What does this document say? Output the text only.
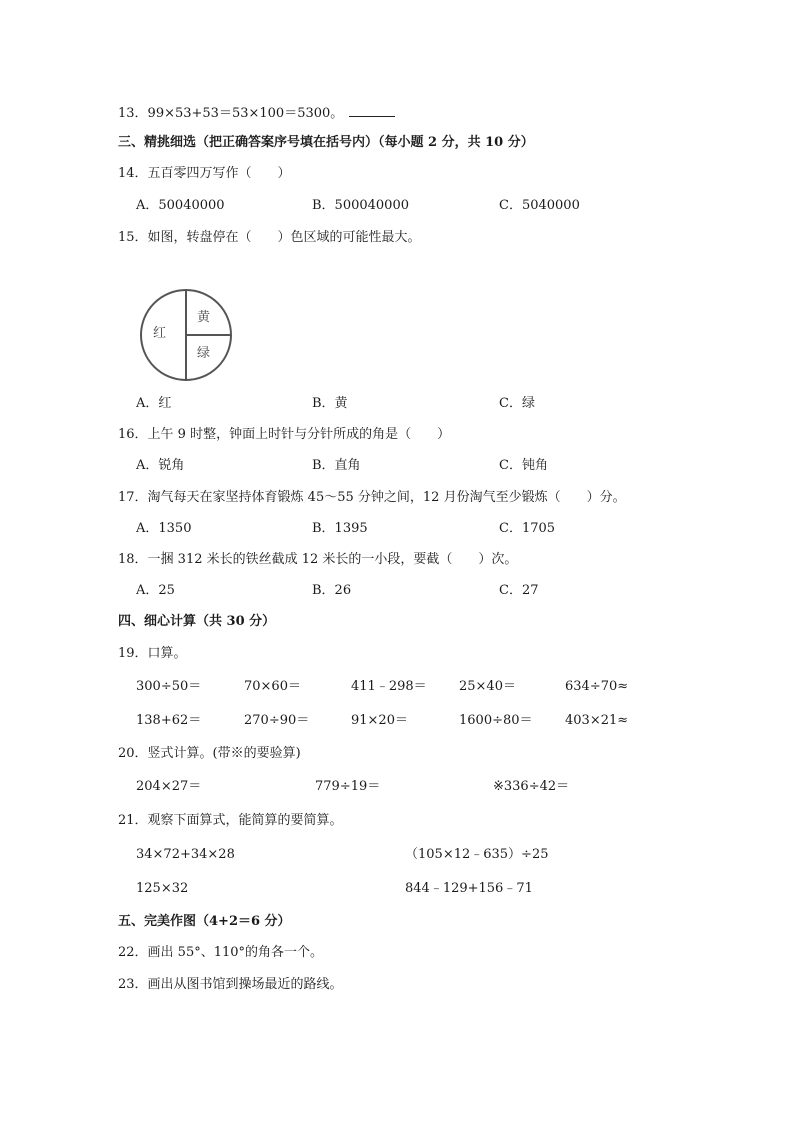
13．99×53+53＝53×100＝5300。
三、精挑细选（把正确答案序号填在括号内）（每小题 2 分，共 10 分）
14．五百零四万写作（　　）
A．50040000	B．500040000	C．5040000
15．如图，转盘停在（　　）色区域的可能性最大。
红
黄
绿
A．红	B．黄	C．绿
16．上午 9 时整，钟面上时针与分针所成的角是（　　）
A．锐角	B．直角	C．钝角
17．淘气每天在家坚持体育锻炼 45～55 分钟之间，12 月份淘气至少锻炼（　　）分。
A．1350	B．1395	C．1705
18．一捆 312 米长的铁丝截成 12 米长的一小段，要截（　　）次。
A．25	B．26	C．27
四、细心计算（共 30 分）
19．口算。
300÷50＝	70×60＝	411﹣298＝ 25×40＝	634÷70≈
138+62＝	270÷90＝	91×20＝	1600÷80＝ 403×21≈
20．竖式计算。(带※的要验算)
204×27＝	779÷19＝	※336÷42＝
21．观察下面算式，能简算的要简算。
34×72+34×28	（105×12﹣635）÷25
125×32	844﹣129+156﹣71
五、完美作图（4+2＝6 分）
22．画出 55°、110°的角各一个。
23．画出从图书馆到操场最近的路线。
